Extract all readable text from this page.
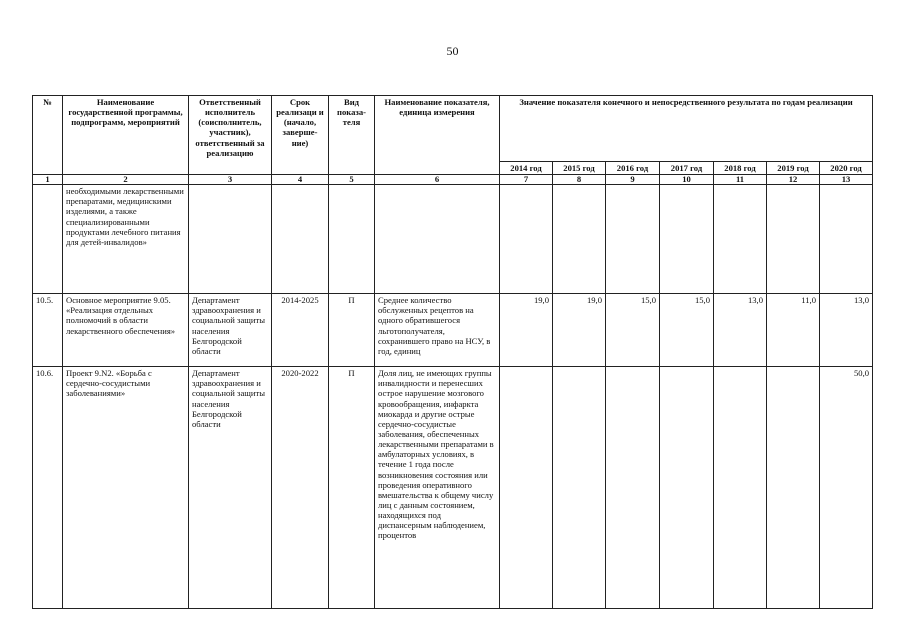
50
№	Наименование государственной программы, подпрограмм, мероприятий	Ответственный исполнитель (соисполнитель, участник), ответственный за реализацию	Срок реализаци и (начало, заверше-ние)	Вид показа-теля	Наименование показателя, единица измерения	Значение показателя конечного и непосредственного результата по годам реализации						
						2014 год	2015 год	2016 год	2017 год	2018 год	2019 год	2020 год
1	2	3	4	5	6	7	8	9	10	11	12	13
	необходимыми лекарственными препаратами, медицинскими изделиями, а также специализированными продуктами лечебного питания для детей-инвалидов»											
10.5.	Основное мероприятие 9.05. «Реализация отдельных полномочий в области лекарственного обеспечения»	Департамент здравоохранения и социальной защиты населения Белгородской области	2014-2025	П	Среднее количество обслуженных рецептов на одного обратившегося льготополучателя, сохранившего право на НСУ, в год, единиц	19,0	19,0	15,0	15,0	13,0	11,0	13,0
10.6.	Проект 9.N2. «Борьба с сердечно-сосудистыми заболеваниями»	Департамент здравоохранения и социальной защиты населения Белгородской области	2020-2022	П	Доля лиц, не имеющих группы инвалидности и перенесших острое нарушение мозгового кровообращения, инфаркта миокарда и другие острые сердечно-сосудистые заболевания, обеспеченных лекарственными препаратами в амбулаторных условиях, в течение 1 года после возникновения состояния или проведения оперативного вмешательства к общему числу лиц с данным состоянием, находящихся под диспансерным наблюдением, процентов							50,0
